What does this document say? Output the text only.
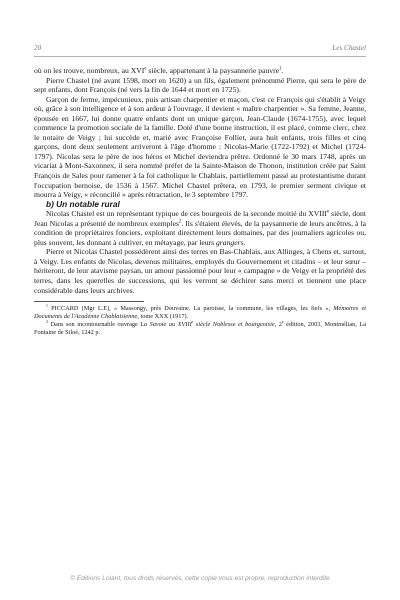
20	Les Chastel

où on les trouve, nombreux, au XVIe siècle, appartenant à la paysannerie pauvre$^1$.

Pierre Chastel (né avant 1598, mort en 1620) a un fils, également prénommé Pierre, qui sera le père de sept enfants, dont François (né vers la fin de 1644 et mort en 1725).

Garçon de ferme, impécunieux, puis artisan charpentier et maçon, c'est ce François qui s'établit à Veigy où, grâce à son intelligence et à son ardeur à l'ouvrage, il devient « maître charpentier ». Sa femme, Jeanne, épousée en 1667, lui donne quatre enfants dont un unique garçon, Jean-Claude (1674-1755), avec lequel commence la promotion sociale de la famille. Doté d'une bonne instruction, il est placé, comme clerc, chez le notaire de Veigy ; lui succède et, marié avec Françoise Folliet, aura huit enfants, trois filles et cinq garçons, dont deux seulement arriveront à l'âge d'homme : Nicolas-Marie (1722-1792) et Michel (1724-1797). Nicolas sera le père de nos héros et Michel deviendra prêtre. Ordonné le 30 mars 1748, après un vicariat à Mont-Saxonnex, il sera nommé préfet de la Sainte-Maison de Thonon, institution créée par Saint François de Sales pour ramener à la foi catholique le Chablais, partiellement passé au protestantisme durant l'occupation bernoise, de 1536 à 1567. Michel Chastel prêtera, en 1793, le premier serment civique et mourra à Veigy, « réconcilié » après rétractation, le 3 septembre 1797.

b) Un notable rural

Nicolas Chastel est un représentant typique de ces bourgeois de la seconde moitié du XVIIIe siècle, dont Jean Nicolas a présenté de nombreux exemples$^2$. Ils s'étaient élevés, de la paysannerie de leurs ancêtres, à la condition de propriétaires fonciers, exploitant directement leurs domaines, par des journaliers agricoles ou, plus souvent, les donnant à cultiver, en métayage, par leurs grangers.

Pierre et Nicolas Chastel possédèrent ainsi des terres en Bas-Chablais, aux Allinges, à Chens et, surtout, à Veigy. Les enfants de Nicolas, devenus militaires, employés du Gouvernement et citadins – et leur sœur – hériteront, de leur atavisme paysan, un amour passionné pour leur « campagne » de Veigy et la propriété des terres, dans les querelles de successions, qui les verront se déchirer sans merci et tiennent une place considérable dans leurs archives.

$^1$ PICCARD (Mgr L.E), « Massongy, près Douvaine. La paroisse, la commune, les villages, les fiefs », Mémoires et Documents de l'Académie Chablaisienne, tome XXX (1917).

$^2$ Dans son incontournable ouvrage La Savoie au XVIIIe siècle Noblesse et bourgeoisie, 2e édition, 2003, Montmélian, La Fontaine de Siloé, 1242 p.

© Editions Lolant, tous droits réservés, cette copie vous est propre, reproduction interdite
